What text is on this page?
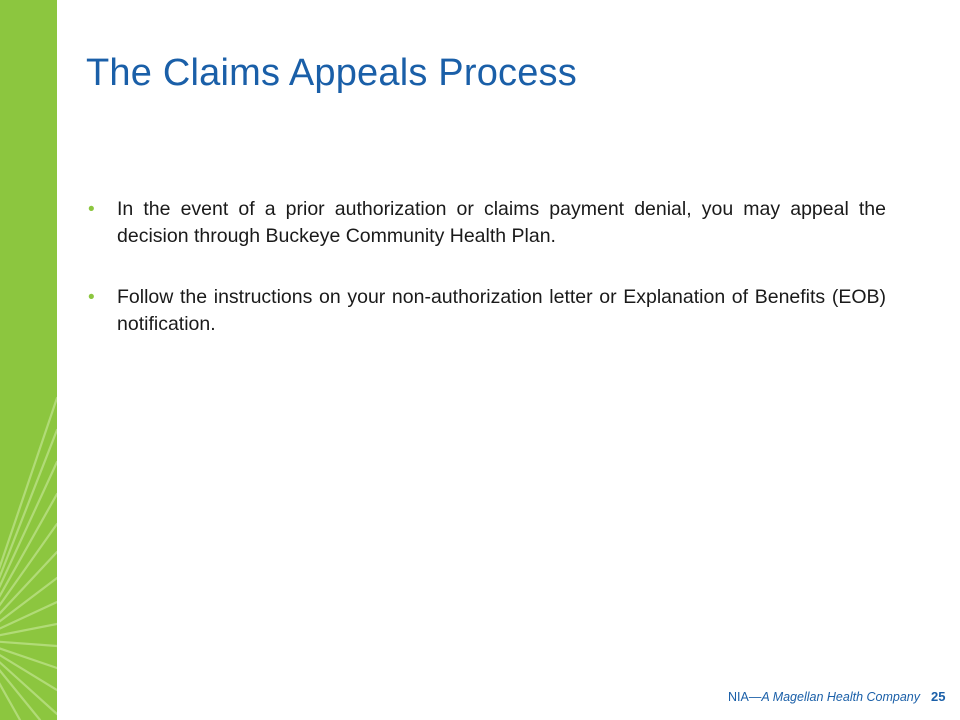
The Claims Appeals Process
• In the event of a prior authorization or claims payment denial, you may appeal the decision through Buckeye Community Health Plan.
• Follow the instructions on your non-authorization letter or Explanation of Benefits (EOB) notification.
NIA—A Magellan Health Company 25
